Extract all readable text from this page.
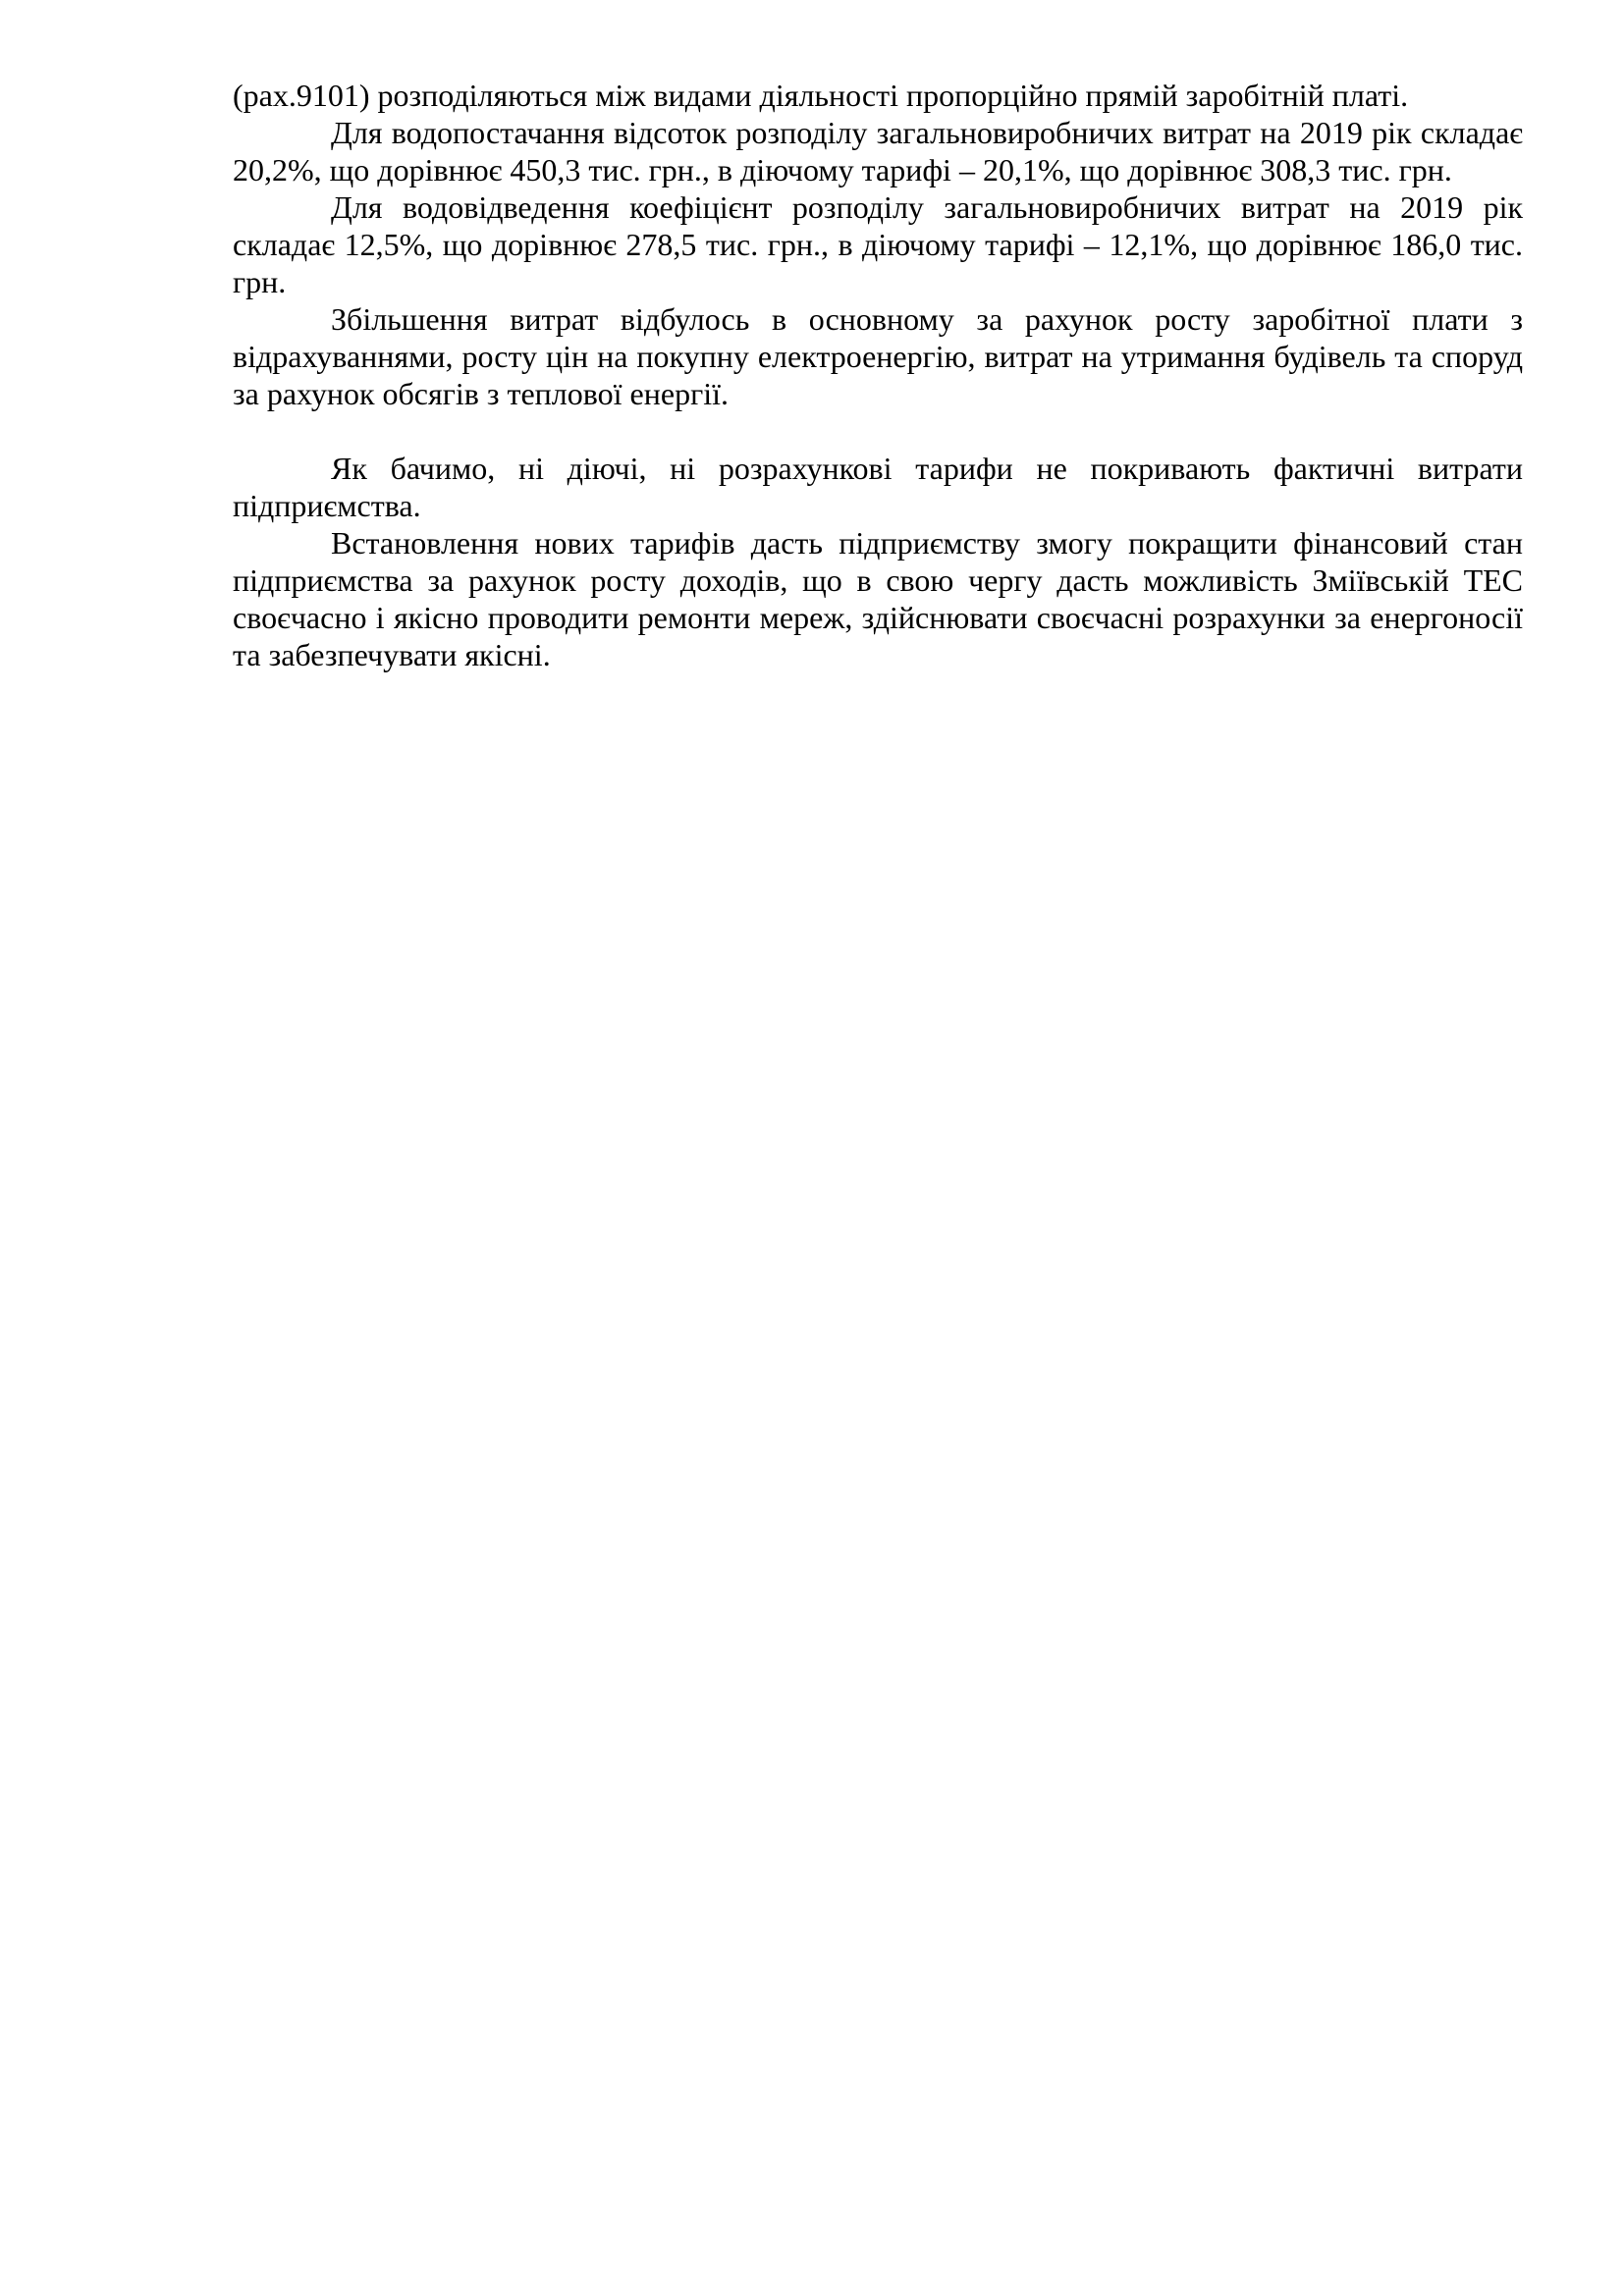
(рах.9101) розподіляються між видами діяльності пропорційно прямій заробітній платі.

Для водопостачання відсоток розподілу загальновиробничих витрат на 2019 рік складає 20,2%, що дорівнює 450,3 тис. грн., в діючому тарифі – 20,1%, що дорівнює 308,3 тис. грн.

Для водовідведення коефіцієнт розподілу загальновиробничих витрат на 2019 рік складає 12,5%, що дорівнює 278,5 тис. грн., в діючому тарифі – 12,1%, що дорівнює 186,0 тис. грн.

Збільшення витрат відбулось в основному за рахунок росту заробітної плати з відрахуваннями, росту цін на покупну електроенергію, витрат на утримання будівель та споруд за рахунок обсягів з теплової енергії.

Як бачимо, ні діючі, ні розрахункові тарифи не покривають фактичні витрати підприємства.

Встановлення нових тарифів дасть підприємству змогу покращити фінансовий стан підприємства за рахунок росту доходів, що в свою чергу дасть можливість Зміївській ТЕС своєчасно і якісно проводити ремонти мереж, здійснювати своєчасні розрахунки за енергоносії та забезпечувати якісні.
